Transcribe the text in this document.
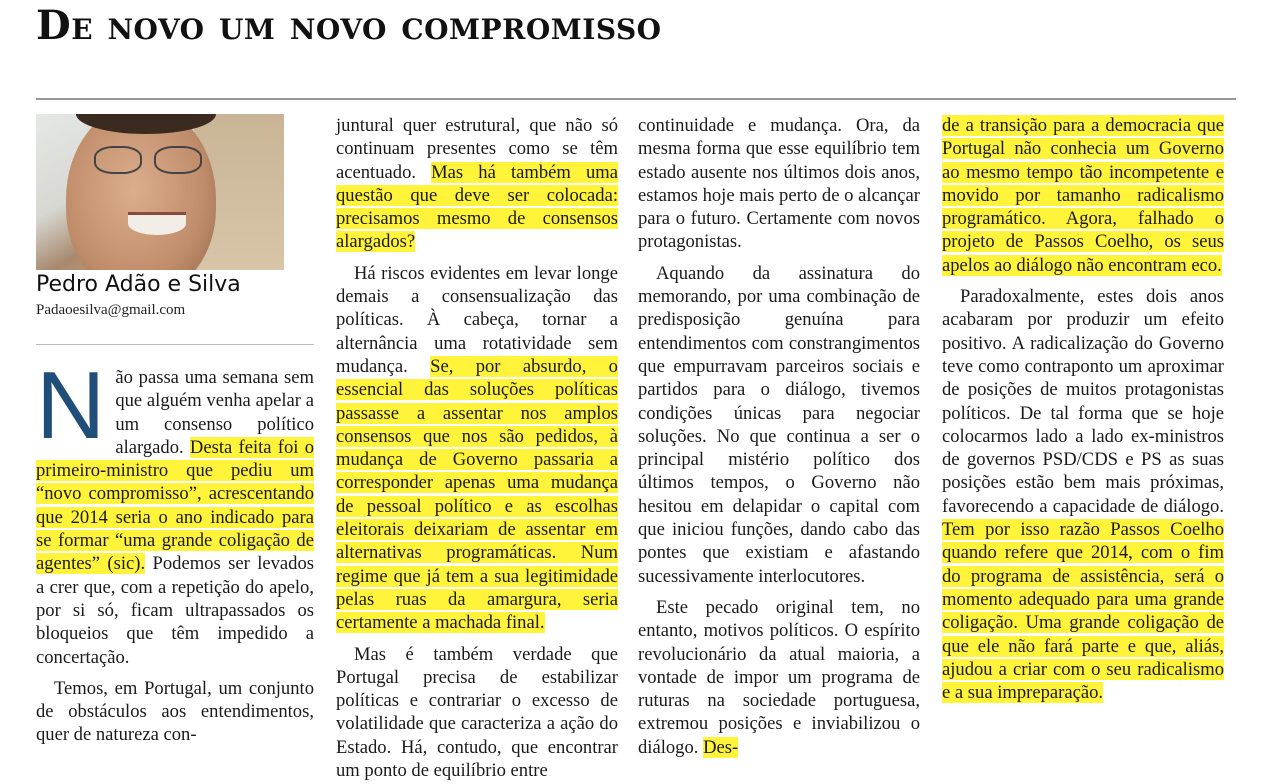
De novo um novo compromisso

Pedro Adão e Silva

Padaoesilva@gmail.com

Não passa uma semana sem que alguém venha apelar a um consenso político alargado. Desta feita foi o primeiro-ministro que pediu um “novo compromisso”, acrescentando que 2014 seria o ano indicado para se formar “uma grande coligação de agentes” (sic). Podemos ser levados a crer que, com a repetição do apelo, por si só, ficam ultrapassados os bloqueios que têm impedido a concertação.

Temos, em Portugal, um conjunto de obstáculos aos entendimentos, quer de natureza con-

juntural quer estrutural, que não só continuam presentes como se têm acentuado. Mas há também uma questão que deve ser colocada: precisamos mesmo de consensos alargados?

Há riscos evidentes em levar longe demais a consensualização das políticas. À cabeça, tornar a alternância uma rotatividade sem mudança. Se, por absurdo, o essencial das soluções políticas passasse a assentar nos amplos consensos que nos são pedidos, à mudança de Governo passaria a corresponder apenas uma mudança de pessoal político e as escolhas eleitorais deixariam de assentar em alternativas programáticas. Num regime que já tem a sua legitimidade pelas ruas da amargura, seria certamente a machada final.

Mas é também verdade que Portugal precisa de estabilizar políticas e contrariar o excesso de volatilidade que caracteriza a ação do Estado. Há, contudo, que encontrar um ponto de equilíbrio entre

continuidade e mudança. Ora, da mesma forma que esse equilíbrio tem estado ausente nos últimos dois anos, estamos hoje mais perto de o alcançar para o futuro. Certamente com novos protagonistas.

Aquando da assinatura do memorando, por uma combinação de predisposição genuína para entendimentos com constrangimentos que empurravam parceiros sociais e partidos para o diálogo, tivemos condições únicas para negociar soluções. No que continua a ser o principal mistério político dos últimos tempos, o Governo não hesitou em delapidar o capital com que iniciou funções, dando cabo das pontes que existiam e afastando sucessivamente interlocutores.

Este pecado original tem, no entanto, motivos políticos. O espírito revolucionário da atual maioria, a vontade de impor um programa de ruturas na sociedade portuguesa, extremou posições e inviabilizou o diálogo. Des-

de a transição para a democracia que Portugal não conhecia um Governo ao mesmo tempo tão incompetente e movido por tamanho radicalismo programático. Agora, falhado o projeto de Passos Coelho, os seus apelos ao diálogo não encontram eco.

Paradoxalmente, estes dois anos acabaram por produzir um efeito positivo. A radicalização do Governo teve como contraponto um aproximar de posições de muitos protagonistas políticos. De tal forma que se hoje colocarmos lado a lado ex-ministros de governos PSD/CDS e PS as suas posições estão bem mais próximas, favorecendo a capacidade de diálogo. Tem por isso razão Passos Coelho quando refere que 2014, com o fim do programa de assistência, será o momento adequado para uma grande coligação. Uma grande coligação de que ele não fará parte e que, aliás, ajudou a criar com o seu radicalismo e a sua impreparação.
